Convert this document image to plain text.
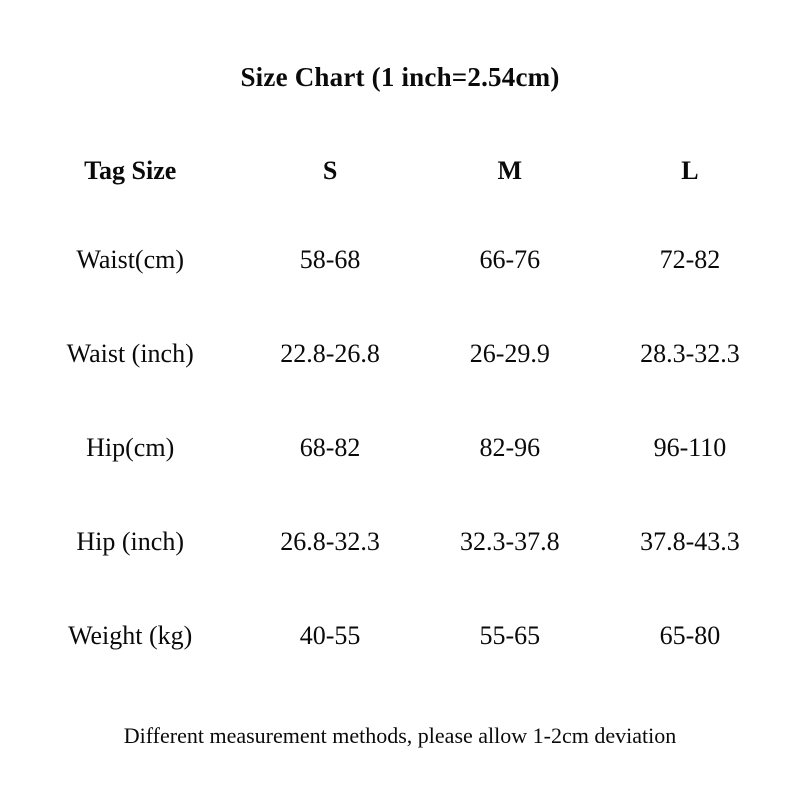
Size Chart (1 inch=2.54cm)
Tag Size	S	M	L
Waist(cm)	58-68	66-76	72-82
Waist (inch)	22.8-26.8	26-29.9	28.3-32.3
Hip(cm)	68-82	82-96	96-110
Hip (inch)	26.8-32.3	32.3-37.8	37.8-43.3
Weight (kg)	40-55	55-65	65-80
Different measurement methods, please allow 1-2cm deviation
